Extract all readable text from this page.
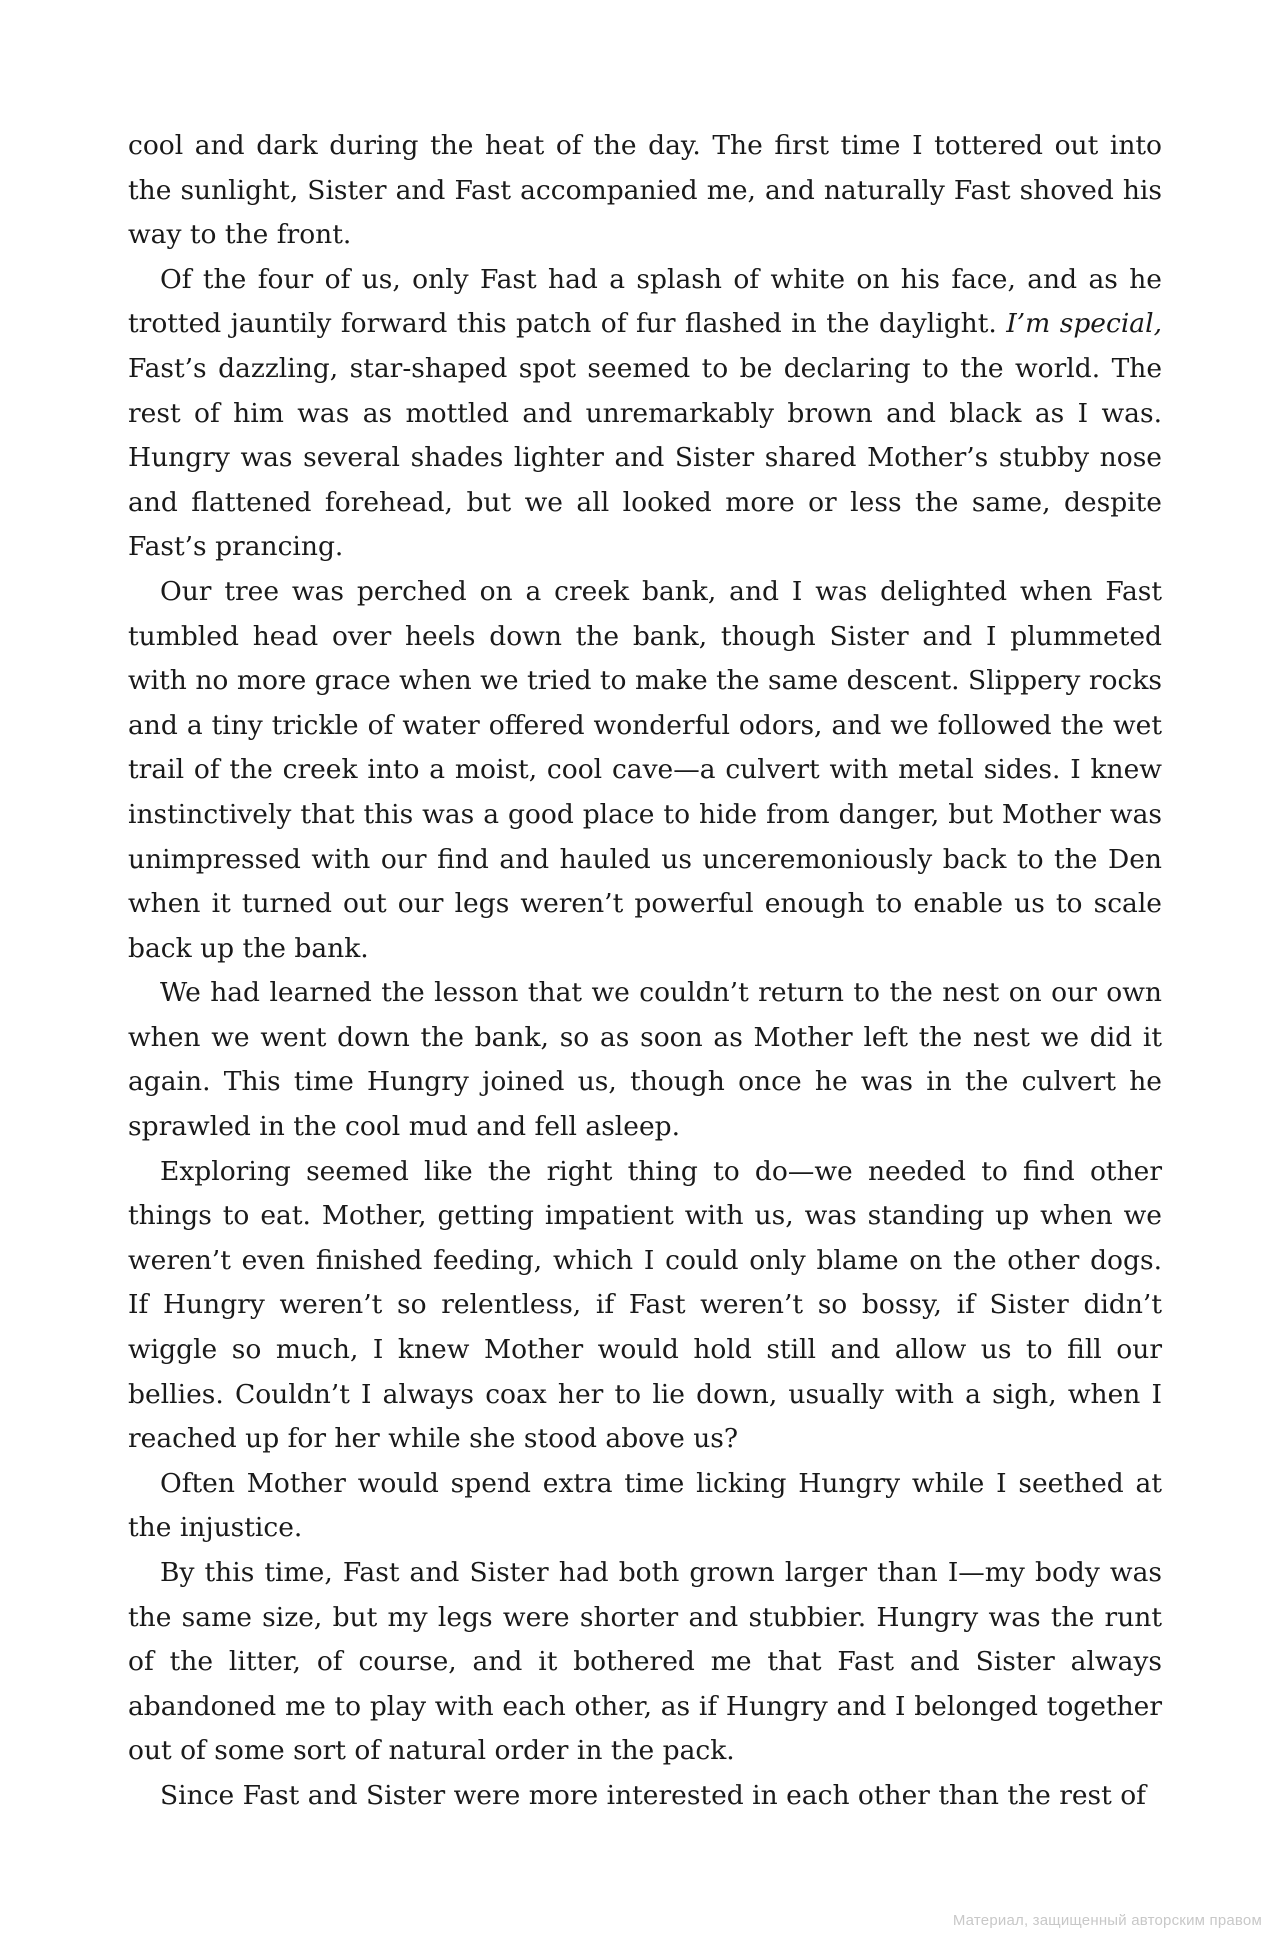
cool and dark during the heat of the day. The first time I tottered out into the sunlight, Sister and Fast accompanied me, and naturally Fast shoved his way to the front.

Of the four of us, only Fast had a splash of white on his face, and as he trotted jauntily forward this patch of fur flashed in the daylight. I’m special, Fast’s dazzling, star-shaped spot seemed to be declaring to the world. The rest of him was as mottled and unremarkably brown and black as I was. Hungry was several shades lighter and Sister shared Mother’s stubby nose and flattened forehead, but we all looked more or less the same, despite Fast’s prancing.

Our tree was perched on a creek bank, and I was delighted when Fast tumbled head over heels down the bank, though Sister and I plummeted with no more grace when we tried to make the same descent. Slippery rocks and a tiny trickle of water offered wonderful odors, and we followed the wet trail of the creek into a moist, cool cave—a culvert with metal sides. I knew instinctively that this was a good place to hide from danger, but Mother was unimpressed with our find and hauled us unceremoniously back to the Den when it turned out our legs weren’t powerful enough to enable us to scale back up the bank.

We had learned the lesson that we couldn’t return to the nest on our own when we went down the bank, so as soon as Mother left the nest we did it again. This time Hungry joined us, though once he was in the culvert he sprawled in the cool mud and fell asleep.

Exploring seemed like the right thing to do—we needed to find other things to eat. Mother, getting impatient with us, was standing up when we weren’t even finished feeding, which I could only blame on the other dogs. If Hungry weren’t so relentless, if Fast weren’t so bossy, if Sister didn’t wiggle so much, I knew Mother would hold still and allow us to fill our bellies. Couldn’t I always coax her to lie down, usually with a sigh, when I reached up for her while she stood above us?

Often Mother would spend extra time licking Hungry while I seethed at the injustice.

By this time, Fast and Sister had both grown larger than I—my body was the same size, but my legs were shorter and stubbier. Hungry was the runt of the litter, of course, and it bothered me that Fast and Sister always abandoned me to play with each other, as if Hungry and I belonged together out of some sort of natural order in the pack.

Since Fast and Sister were more interested in each other than the rest of

Материал, защищенный авторским правом
